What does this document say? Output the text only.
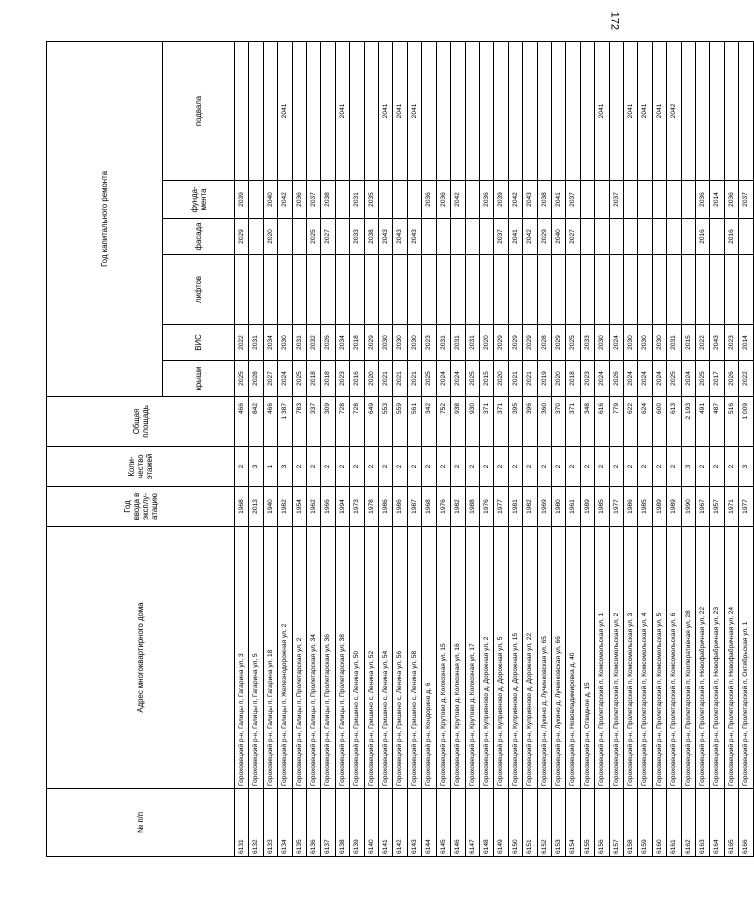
172
№ п/п	Адрес многоквартирного дома	Год ввода в эксплу-атацию	Коли-чество этажей	Общая площадь	Год капитального ремонта					
					крыши	ВИС	лифтов	фасада	фунда-мента	подвала
6131	Гороховецкий р-н, Галицы п, Гагарина ул, 3	1968	2	466	2025	2022		2029	2039	
6132	Гороховецкий р-н, Галицы п, Гагарина ул, 5	2013	3	842	2028	2031				
6133	Гороховецкий р-н, Галицы п, Гагарина ул, 18	1940	1	466	2027	2034		2020	2040	
6134	Гороховецкий р-н, Галицы п, Железнодорожная ул, 2	1982	3	1 387	2024	2030			2042	2041
6135	Гороховецкий р-н, Галицы п, Пролетарская ул, 2	1954	2	783	2025	2031			2036	
6136	Гороховецкий р-н, Галицы п, Пролетарская ул, 34	1962	2	337	2018	2032		2025	2037	
6137	Гороховецкий р-н, Галицы п, Пролетарская ул, 36	1966	2	309	2018	2026		2027	2038	
6138	Гороховецкий р-н, Галицы п, Пролетарская ул, 38	1994	2	728	2023	2034				2041
6139	Гороховецкий р-н, Гришино с, Ленина ул, 50	1973	2	728	2016	2018		2033	2031	
6140	Гороховецкий р-н, Гришино с, Ленина ул, 52	1978	2	649	2020	2029		2038	2035	
6141	Гороховецкий р-н, Гришино с, Ленина ул, 54	1986	2	553	2021	2030		2043		2041
6142	Гороховецкий р-н, Гришино с, Ленина ул, 56	1986	2	559	2021	2030		2043		2041
6143	Гороховецкий р-н, Гришино с, Ленина ул, 58	1987	2	561	2021	2030		2043		2041
6144	Гороховецкий р-н, Кондорино д, 6	1968	2	342	2025	2023			2036	
6145	Гороховецкий р-н, Крутово д, Колхозная ул, 15	1976	2	752	2024	2031			2036	
6146	Гороховецкий р-н, Крутово д, Колхозная ул, 16	1982	2	938	2024	2031			2042	
6147	Гороховецкий р-н, Крутово д, Колхозная ул, 17	1988	2	930	2025	2031				
6148	Гороховецкий р-н, Куприяново д, Дорожная ул, 2	1976	2	371	2015	2020			2036	
6149	Гороховецкий р-н, Куприяново д, Дорожная ул, 5	1977	2	371	2020	2029		2037	2039	
6150	Гороховецкий р-н, Куприяново д, Дорожная ул, 15	1981	2	395	2021	2029		2041	2042	
6151	Гороховецкий р-н, Куприяново д, Дорожная ул, 22	1982	2	396	2021	2029		2042	2043	
6152	Гороховецкий р-н, Лукино д, Лучинковская ул, 65	1969	2	360	2019	2028		2029	2038	
6153	Гороховецкий р-н, Лукино д, Лучинковская ул, 66	1980	2	370	2020	2029		2040	2041	
6154	Гороховецкий р-н, Нововладимировка д, 40	1961	2	371	2018	2025		2027	2037	
6155	Гороховецкий р-н, Отводное д, 15	1989	2	348	2023	2033				
6156	Гороховецкий р-н, Пролетарский п, Комсомольская ул, 1	1985	2	616	2024	2030				2041
6157	Гороховецкий р-н, Пролетарский п, Комсомольская ул, 2	1977	2	779	2026	2024			2037	
6158	Гороховецкий р-н, Пролетарский п, Комсомольская ул, 3	1986	2	622	2024	2030				2041
6159	Гороховецкий р-н, Пролетарский п, Комсомольская ул, 4	1985	2	624	2024	2030				2041
6160	Гороховецкий р-н, Пролетарский п, Комсомольская ул, 5	1989	2	600	2024	2030				2041
6161	Гороховецкий р-н, Пролетарский п, Комсомольская ул, 6	1989	2	613	2025	2031				2042
6162	Гороховецкий р-н, Пролетарский п, Кооперативная ул, 28	1990	3	2 193	2024	2015				
6163	Гороховецкий р-н, Пролетарский п, Новофабричная ул, 22	1967	2	491	2025	2022		2016	2036	
6164	Гороховецкий р-н, Пролетарский п, Новофабричная ул, 23	1957	2	487	2017	2043			2014	
6165	Гороховецкий р-н, Пролетарский п, Новофабричная ул, 24	1971	2	516	2026	2023		2016	2036	
6166	Гороховецкий р-н, Пролетарский п, Октябрьская ул, 1	1977	3	1 009	2022	2014			2037	
